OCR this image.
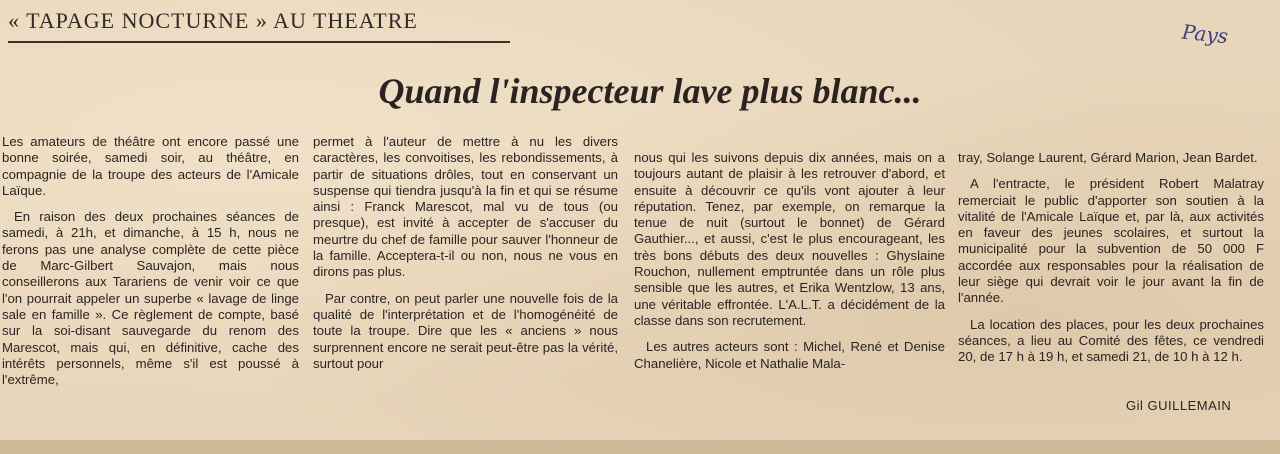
« TAPAGE NOCTURNE » AU THEATRE	Pays
Quand l'inspecteur lave plus blanc...

Les amateurs de théâtre ont encore passé une bonne soirée, samedi soir, au théâtre, en compagnie de la troupe des acteurs de l'Amicale Laïque.

En raison des deux prochaines séances de samedi, à 21h, et dimanche, à 15 h, nous ne ferons pas une analyse complète de cette pièce de Marc-Gilbert Sauvajon, mais nous conseillerons aux Tarariens de venir voir ce que l'on pourrait appeler un superbe « lavage de linge sale en famille ». Ce règlement de compte, basé sur la soi-disant sauvegarde du renom des Marescot, mais qui, en définitive, cache des intérêts personnels, même s'il est poussé à l'extrême,

permet à l'auteur de mettre à nu les divers caractères, les convoitises, les rebondissements, à partir de situations drôles, tout en conservant un suspense qui tiendra jusqu'à la fin et qui se résume ainsi : Franck Marescot, mal vu de tous (ou presque), est invité à accepter de s'accuser du meurtre du chef de famille pour sauver l'honneur de la famille. Acceptera-t-il ou non, nous ne vous en dirons pas plus.

Par contre, on peut parler une nouvelle fois de la qualité de l'interprétation et de l'homogénéité de toute la troupe. Dire que les « anciens » nous surprennent encore ne serait peut-être pas la vérité, surtout pour

nous qui les suivons depuis dix années, mais on a toujours autant de plaisir à les retrouver d'abord, et ensuite à découvrir ce qu'ils vont ajouter à leur réputation. Tenez, par exemple, on remarque la tenue de nuit (surtout le bonnet) de Gérard Gauthier..., et aussi, c'est le plus encourageant, les très bons débuts des deux nouvelles : Ghyslaine Rouchon, nullement emptruntée dans un rôle plus sensible que les autres, et Erika Wentzlow, 13 ans, une véritable effrontée. L'A.L.T. a décidément de la classe dans son recrutement.

Les autres acteurs sont : Michel, René et Denise Chanelière, Nicole et Nathalie Mala-

tray, Solange Laurent, Gérard Marion, Jean Bardet.

A l'entracte, le président Robert Malatray remerciait le public d'apporter son soutien à la vitalité de l'Amicale Laïque et, par là, aux activités en faveur des jeunes scolaires, et surtout la municipalité pour la subvention de 50 000 F accordée aux responsables pour la réalisation de leur siège qui devrait voir le jour avant la fin de l'année.

La location des places, pour les deux prochaines séances, a lieu au Comité des fêtes, ce vendredi 20, de 17 h à 19 h, et samedi 21, de 10 h à 12 h.

Gil GUILLEMAIN
